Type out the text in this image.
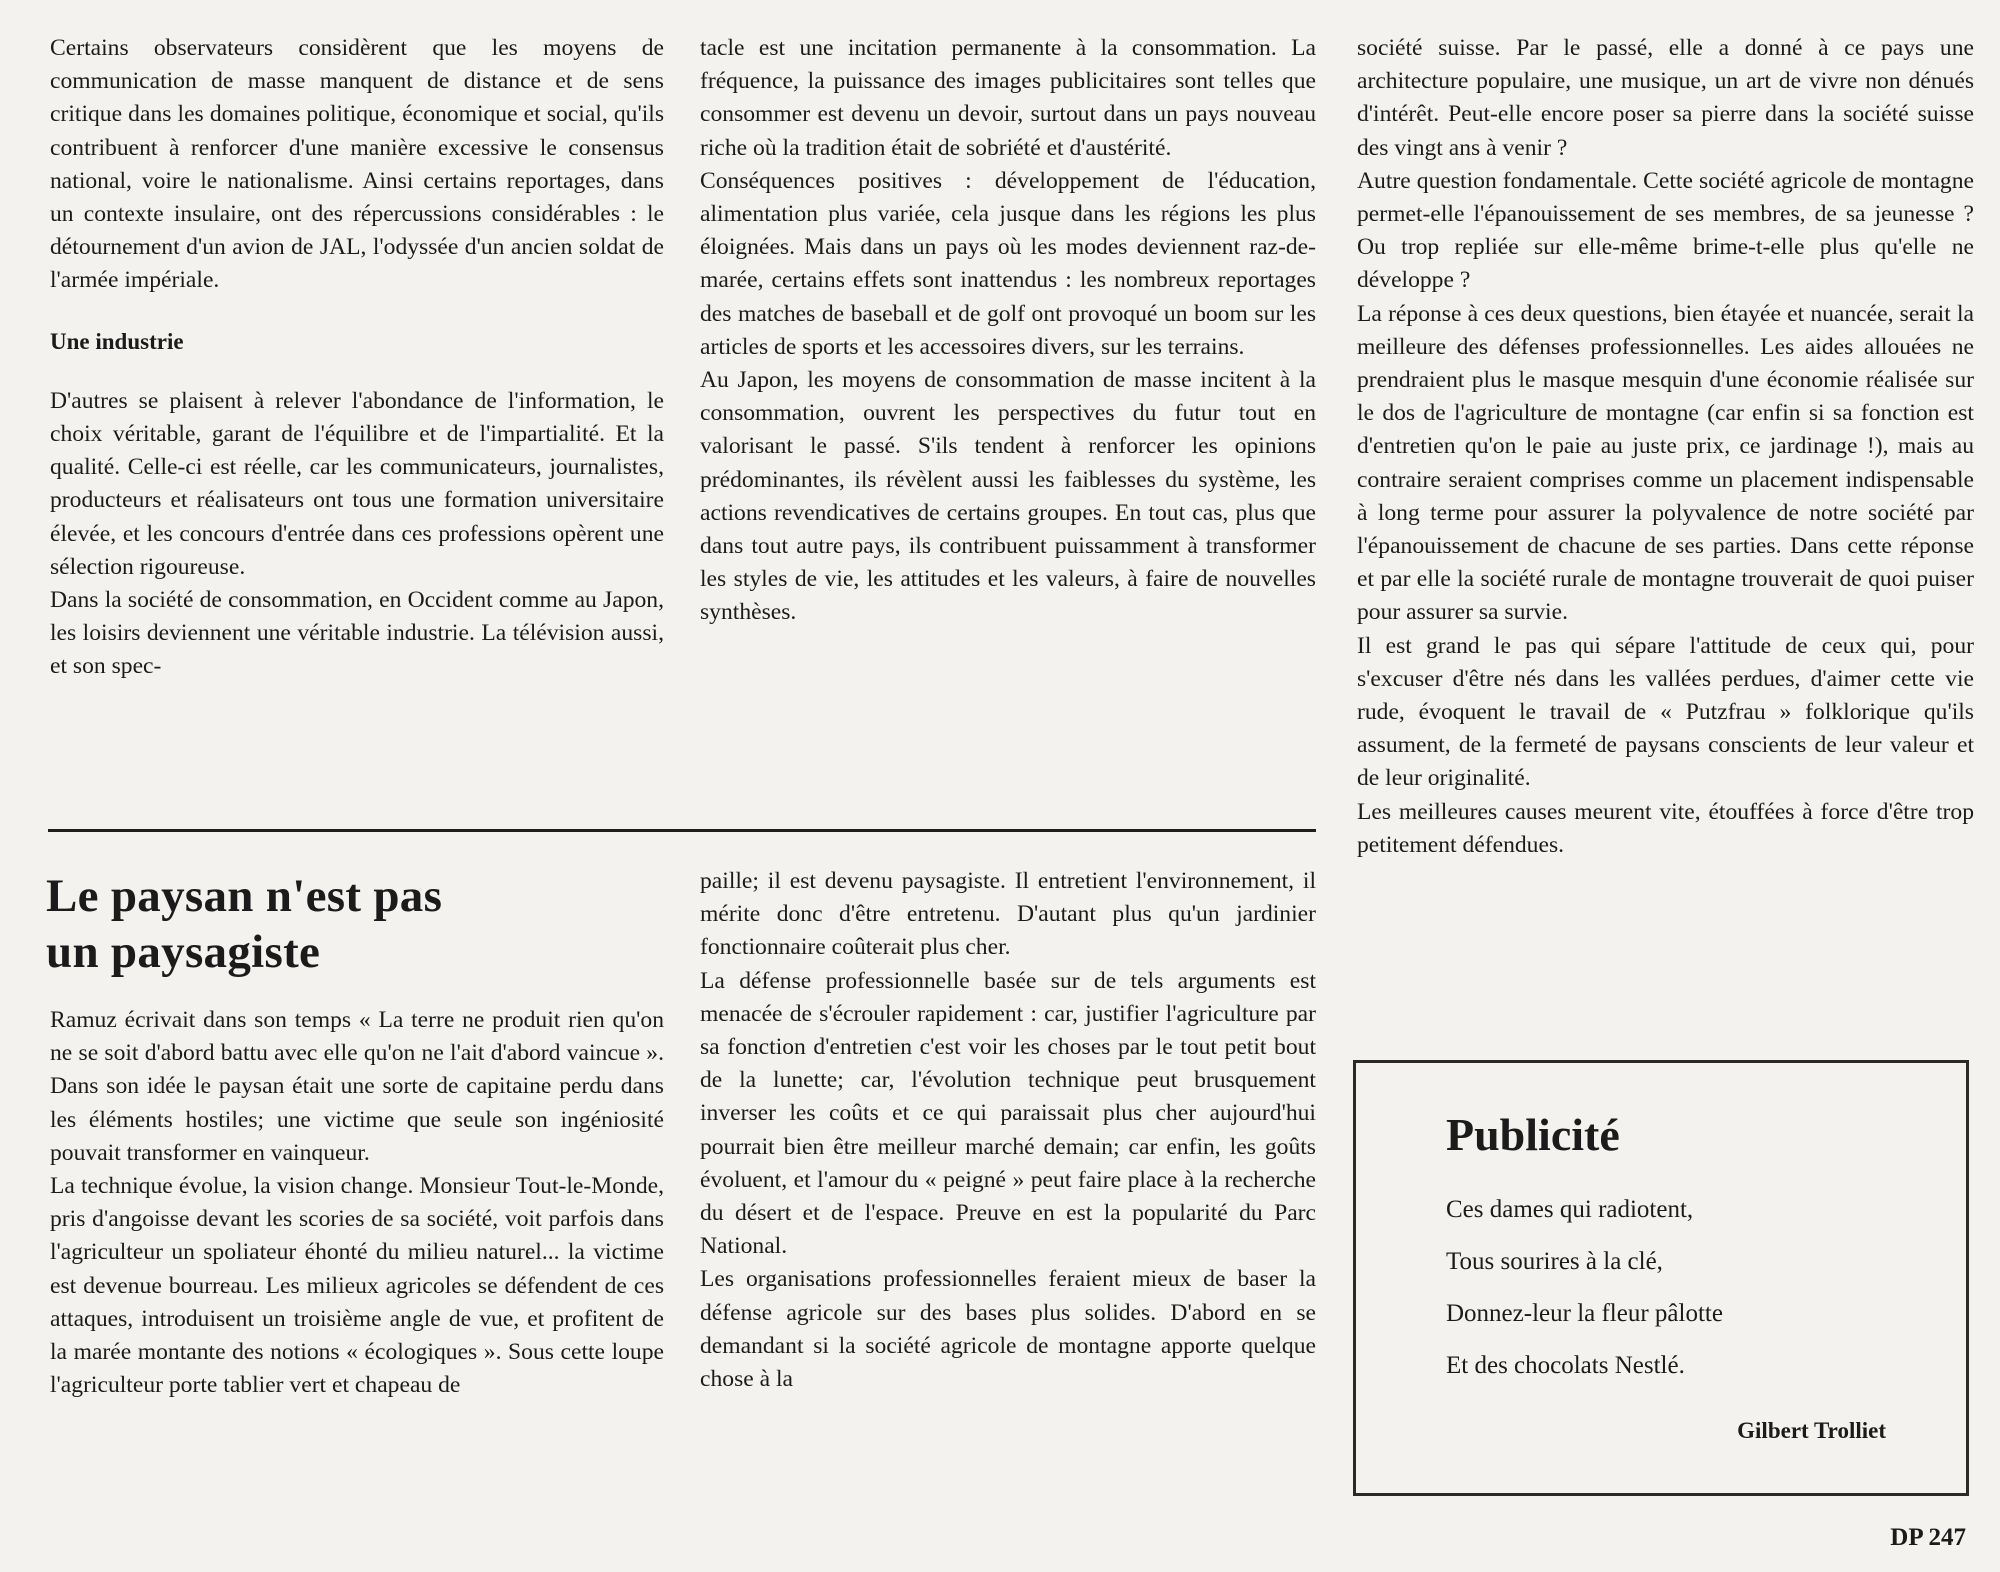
Certains observateurs considèrent que les moyens de communication de masse manquent de distance et de sens critique dans les domaines politique, économique et social, qu'ils contribuent à renforcer d'une manière excessive le consensus national, voire le nationalisme. Ainsi certains reportages, dans un contexte insulaire, ont des répercussions considérables : le détournement d'un avion de JAL, l'odyssée d'un ancien soldat de l'armée impériale.

Une industrie

D'autres se plaisent à relever l'abondance de l'information, le choix véritable, garant de l'équilibre et de l'impartialité. Et la qualité. Celle-ci est réelle, car les communicateurs, journalistes, producteurs et réalisateurs ont tous une formation universitaire élevée, et les concours d'entrée dans ces professions opèrent une sélection rigoureuse.

Dans la société de consommation, en Occident comme au Japon, les loisirs deviennent une véritable industrie. La télévision aussi, et son spec-

tacle est une incitation permanente à la consommation. La fréquence, la puissance des images publicitaires sont telles que consommer est devenu un devoir, surtout dans un pays nouveau riche où la tradition était de sobriété et d'austérité.

Conséquences positives : développement de l'éducation, alimentation plus variée, cela jusque dans les régions les plus éloignées. Mais dans un pays où les modes deviennent raz-de-marée, certains effets sont inattendus : les nombreux reportages des matches de baseball et de golf ont provoqué un boom sur les articles de sports et les accessoires divers, sur les terrains.

Au Japon, les moyens de consommation de masse incitent à la consommation, ouvrent les perspectives du futur tout en valorisant le passé. S'ils tendent à renforcer les opinions prédominantes, ils révèlent aussi les faiblesses du système, les actions revendicatives de certains groupes. En tout cas, plus que dans tout autre pays, ils contribuent puissamment à transformer les styles de vie, les attitudes et les valeurs, à faire de nouvelles synthèses.

Le paysan n'est pas
un paysagiste

Ramuz écrivait dans son temps « La terre ne produit rien qu'on ne se soit d'abord battu avec elle qu'on ne l'ait d'abord vaincue ». Dans son idée le paysan était une sorte de capitaine perdu dans les éléments hostiles; une victime que seule son ingéniosité pouvait transformer en vainqueur.

La technique évolue, la vision change. Monsieur Tout-le-Monde, pris d'angoisse devant les scories de sa société, voit parfois dans l'agriculteur un spoliateur éhonté du milieu naturel... la victime est devenue bourreau. Les milieux agricoles se défendent de ces attaques, introduisent un troisième angle de vue, et profitent de la marée montante des notions « écologiques ». Sous cette loupe l'agriculteur porte tablier vert et chapeau de

paille; il est devenu paysagiste. Il entretient l'environnement, il mérite donc d'être entretenu. D'autant plus qu'un jardinier fonctionnaire coûterait plus cher.

La défense professionnelle basée sur de tels arguments est menacée de s'écrouler rapidement : car, justifier l'agriculture par sa fonction d'entretien c'est voir les choses par le tout petit bout de la lunette; car, l'évolution technique peut brusquement inverser les coûts et ce qui paraissait plus cher aujourd'hui pourrait bien être meilleur marché demain; car enfin, les goûts évoluent, et l'amour du « peigné » peut faire place à la recherche du désert et de l'espace. Preuve en est la popularité du Parc National.

Les organisations professionnelles feraient mieux de baser la défense agricole sur des bases plus solides. D'abord en se demandant si la société agricole de montagne apporte quelque chose à la

société suisse. Par le passé, elle a donné à ce pays une architecture populaire, une musique, un art de vivre non dénués d'intérêt. Peut-elle encore poser sa pierre dans la société suisse des vingt ans à venir ?

Autre question fondamentale. Cette société agricole de montagne permet-elle l'épanouissement de ses membres, de sa jeunesse ? Ou trop repliée sur elle-même brime-t-elle plus qu'elle ne développe ?

La réponse à ces deux questions, bien étayée et nuancée, serait la meilleure des défenses professionnelles. Les aides allouées ne prendraient plus le masque mesquin d'une économie réalisée sur le dos de l'agriculture de montagne (car enfin si sa fonction est d'entretien qu'on le paie au juste prix, ce jardinage !), mais au contraire seraient comprises comme un placement indispensable à long terme pour assurer la polyvalence de notre société par l'épanouissement de chacune de ses parties. Dans cette réponse et par elle la société rurale de montagne trouverait de quoi puiser pour assurer sa survie.

Il est grand le pas qui sépare l'attitude de ceux qui, pour s'excuser d'être nés dans les vallées perdues, d'aimer cette vie rude, évoquent le travail de « Putzfrau » folklorique qu'ils assument, de la fermeté de paysans conscients de leur valeur et de leur originalité.

Les meilleures causes meurent vite, étouffées à force d'être trop petitement défendues.

Publicité
Ces dames qui radiotent,
Tous sourires à la clé,
Donnez-leur la fleur pâlotte
Et des chocolats Nestlé.

Gilbert Trolliet

DP 247
